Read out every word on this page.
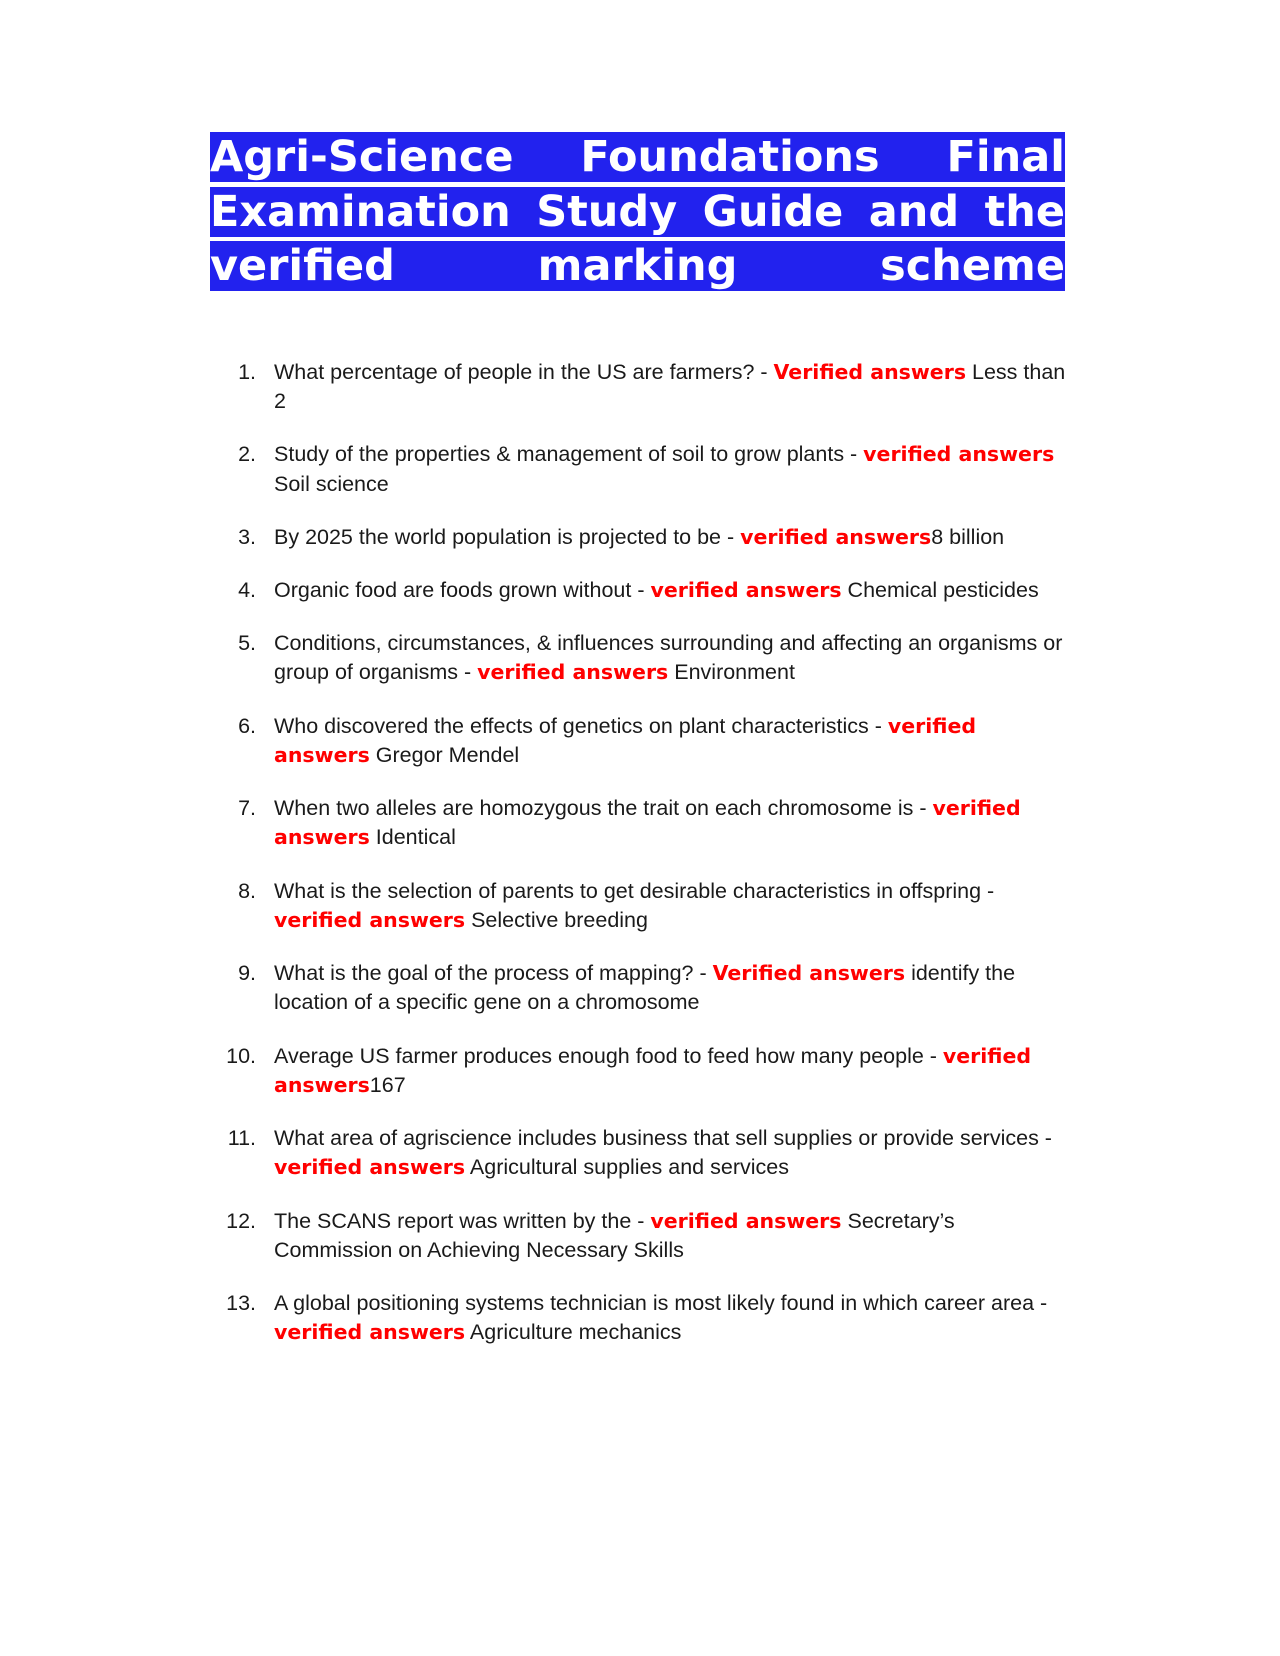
Agri-Science Foundations Final Examination Study Guide and the verified marking scheme
1. What percentage of people in the US are farmers? - Verified answers Less than 2
2. Study of the properties & management of soil to grow plants - verified answers Soil science
3. By 2025 the world population is projected to be - verified answers8 billion
4. Organic food are foods grown without - verified answers Chemical pesticides
5. Conditions, circumstances, & influences surrounding and affecting an organisms or group of organisms - verified answers Environment
6. Who discovered the effects of genetics on plant characteristics - verified answers Gregor Mendel
7. When two alleles are homozygous the trait on each chromosome is - verified answers Identical
8. What is the selection of parents to get desirable characteristics in offspring - verified answers Selective breeding
9. What is the goal of the process of mapping? - Verified answers identify the location of a specific gene on a chromosome
10. Average US farmer produces enough food to feed how many people - verified answers167
11. What area of agriscience includes business that sell supplies or provide services - verified answers Agricultural supplies and services
12. The SCANS report was written by the - verified answers Secretary’s Commission on Achieving Necessary Skills
13. A global positioning systems technician is most likely found in which career area - verified answers Agriculture mechanics
